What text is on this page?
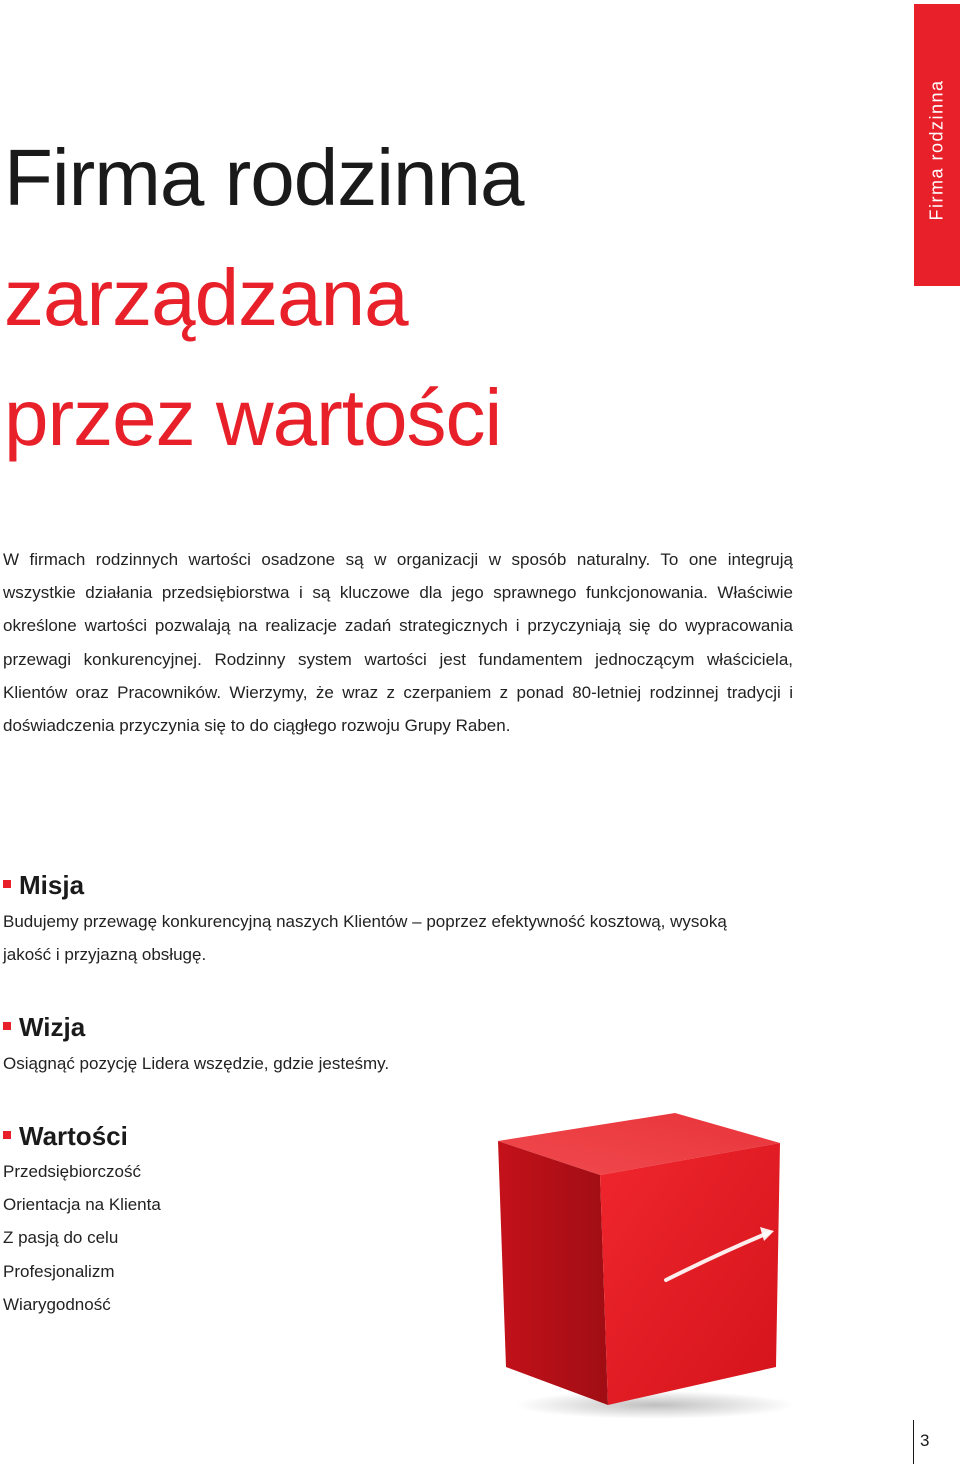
Firma rodzinna
Firma rodzinna
zarządzana
przez wartości

W firmach rodzinnych wartości osadzone są w organizacji w sposób naturalny. To one integrują wszystkie działania przedsiębiorstwa i są kluczowe dla jego sprawnego funkcjonowania. Właściwie określone wartości pozwalają na realizacje zadań strategicznych i przyczyniają się do wypracowania przewagi konkurencyjnej. Rodzinny system wartości jest fundamentem jednoczącym właściciela, Klientów oraz Pracowników. Wierzymy, że wraz z czerpaniem z ponad 80-letniej rodzinnej tradycji i doświadczenia przyczynia się to do ciągłego rozwoju Grupy Raben.

Misja

Budujemy przewagę konkurencyjną naszych Klientów – poprzez efektywność kosztową, wysoką jakość i przyjazną obsługę.

Wizja

Osiągnąć pozycję Lidera wszędzie, gdzie jesteśmy.

Wartości
Przedsiębiorczość
Orientacja na Klienta
Z pasją do celu
Profesjonalizm
Wiarygodność
3
